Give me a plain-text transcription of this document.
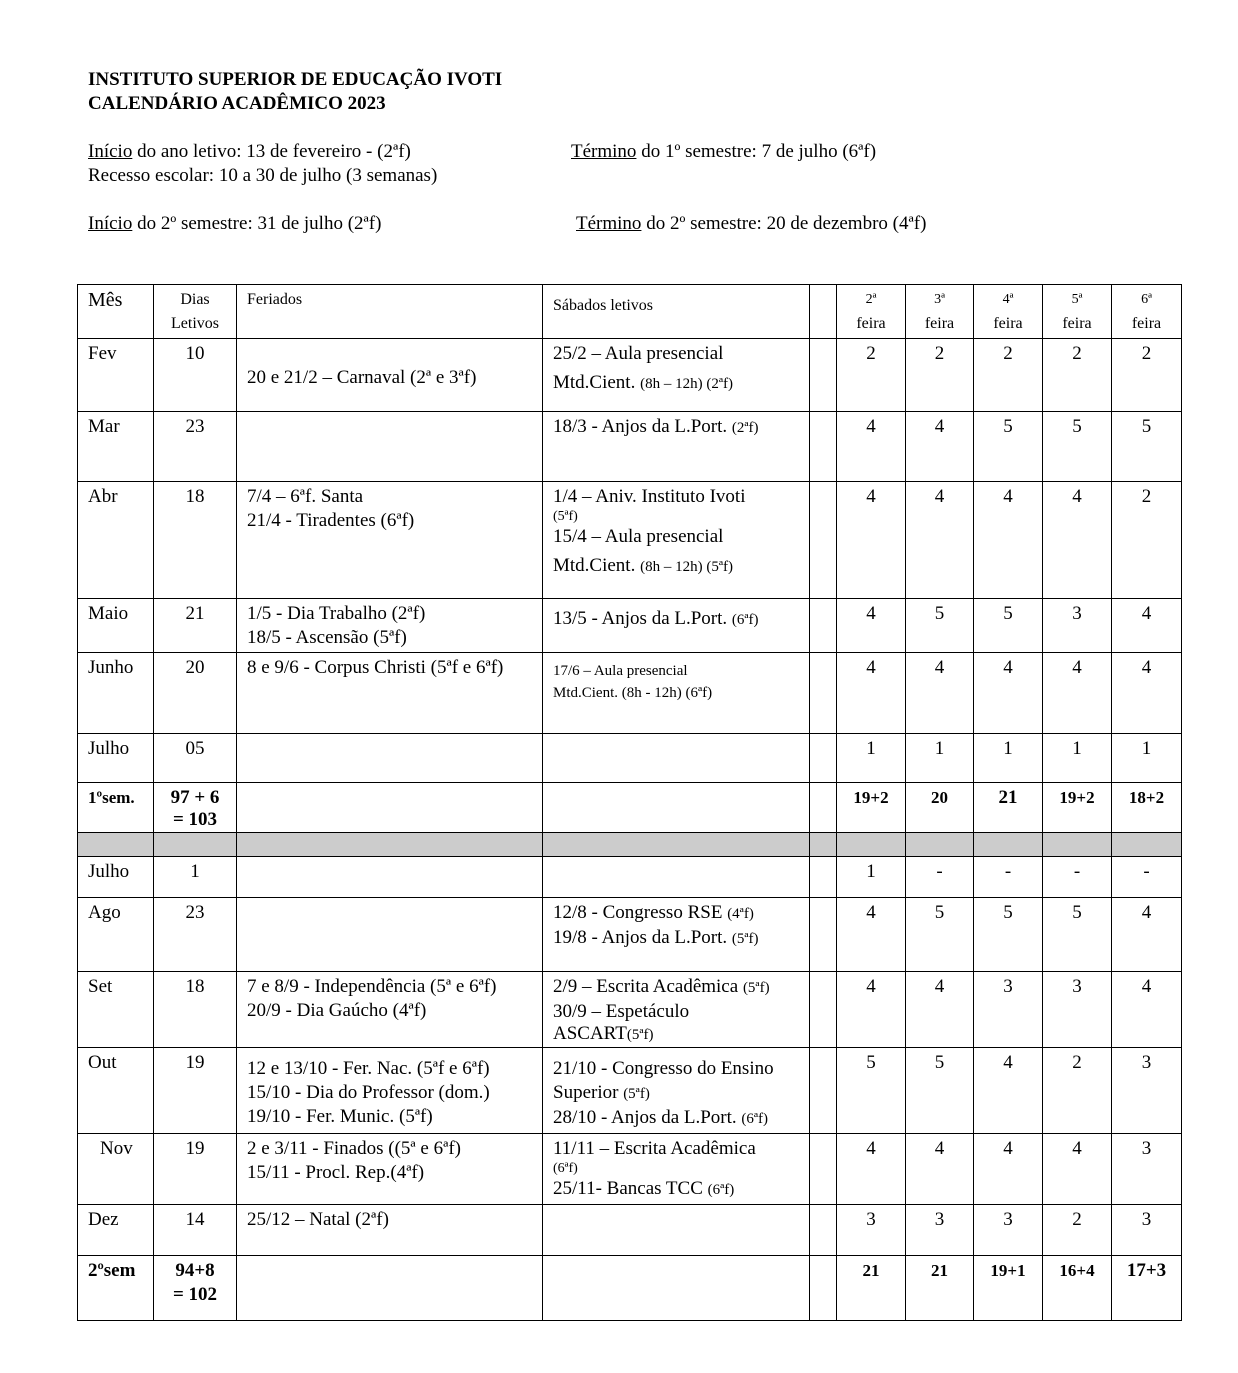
INSTITUTO SUPERIOR DE EDUCAÇÃO IVOTI
CALENDÁRIO ACADÊMICO 2023
Início do ano letivo: 13 de fevereiro - (2ªf)	Término do 1º semestre: 7 de julho (6ªf)
Recesso escolar: 10 a 30 de julho (3 semanas)
Início do 2º semestre: 31 de julho (2ªf)	Término do 2º semestre: 20 de dezembro (4ªf)
Mês	Dias
Letivos	Feriados	Sábados letivos		2ª
feira	3ª
feira	4ª
feira	5ª
feira	6ª
feira

Fev	10	20 e 21/2 – Carnaval (2ª e 3ªf)	25/2 – Aula presencial
Mtd.Cient. (8h – 12h) (2ªf)		2	2	2	2	2
Mar	23		18/3 - Anjos da L.Port. (2ªf)		4	4	5	5	5
Abr	18	7/4 – 6ªf. Santa
21/4 - Tiradentes (6ªf)	1/4 – Aniv. Instituto Ivoti
(5ªf)
15/4 – Aula presencial
Mtd.Cient. (8h – 12h) (5ªf)		4	4	4	4	2
Maio	21	1/5 - Dia Trabalho (2ªf)
18/5 - Ascensão (5ªf)	13/5 - Anjos da L.Port. (6ªf)		4	5	5	3	4
Junho	20	8 e 9/6 - Corpus Christi (5ªf e 6ªf)	17/6 – Aula presencial
Mtd.Cient. (8h - 12h) (6ªf)		4	4	4	4	4
Julho	05				1	1	1	1	1
1ºsem.	97 + 6
= 103				19+2	20	21	19+2	18+2

Julho	1				1	-	-	-	-
Ago	23		12/8 - Congresso RSE (4ªf)
19/8 - Anjos da L.Port. (5ªf)		4	5	5	5	4
Set	18	7 e 8/9 - Independência (5ª e 6ªf)
20/9 - Dia Gaúcho (4ªf)	2/9 – Escrita Acadêmica (5ªf)
30/9 – Espetáculo
ASCART(5ªf)		4	4	3	3	4
Out	19	12 e 13/10 - Fer. Nac. (5ªf e 6ªf)
15/10 - Dia do Professor (dom.)
19/10 - Fer. Munic. (5ªf)	21/10 - Congresso do Ensino
Superior (5ªf)
28/10 - Anjos da L.Port. (6ªf)		5	5	4	2	3
Nov	19	2 e 3/11 - Finados ((5ª e 6ªf)
15/11 - Procl. Rep.(4ªf)	11/11 – Escrita Acadêmica
(6ªf)
25/11- Bancas TCC (6ªf)		4	4	4	4	3
Dez	14	25/12 – Natal (2ªf)			3	3	3	2	3
2ºsem	94+8
= 102				21	21	19+1	16+4	17+3
